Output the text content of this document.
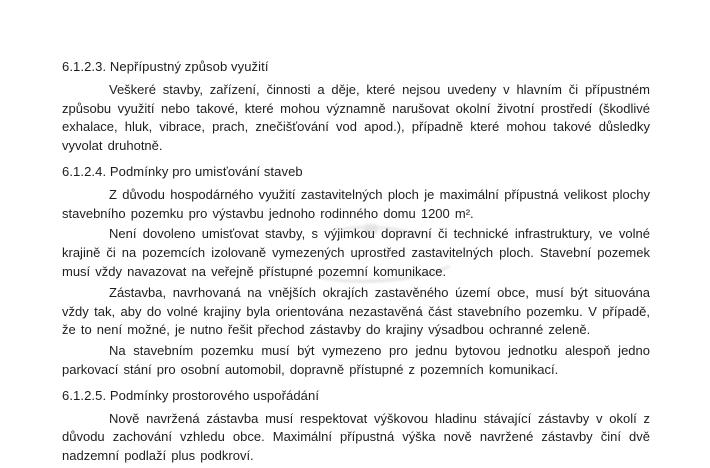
6.1.2.3. Nepřípustný způsob využití

Veškeré stavby, zařízení, činnosti a děje, které nejsou uvedeny v hlavním či přípustném způsobu využití nebo takové, které mohou významně narušovat okolní životní prostředí (škodlivé exhalace, hluk, vibrace, prach, znečišťování vod apod.), případně které mohou takové důsledky vyvolat druhotně.

6.1.2.4. Podmínky pro umisťování staveb

Z důvodu hospodárného využití zastavitelných ploch je maximální přípustná velikost plochy stavebního pozemku pro výstavbu jednoho rodinného domu 1200 m².

Není dovoleno umisťovat stavby, s výjimkou dopravní či technické infrastruktury, ve volné krajině či na pozemcích izolovaně vymezených uprostřed zastavitelných ploch. Stavební pozemek musí vždy navazovat na veřejně přístupné pozemní komunikace.

Zástavba, navrhovaná na vnějších okrajích zastavěného území obce, musí být situována vždy tak, aby do volné krajiny byla orientována nezastavěná část stavebního pozemku. V případě, že to není možné, je nutno řešit přechod zástavby do krajiny výsadbou ochranné zeleně.

Na stavebním pozemku musí být vymezeno pro jednu bytovou jednotku alespoň jedno parkovací stání pro osobní automobil, dopravně přístupné z pozemních komunikací.

6.1.2.5. Podmínky prostorového uspořádání

Nově navržená zástavba musí respektovat výškovou hladinu stávající zástavby v okolí z důvodu zachování vzhledu obce. Maximální přípustná výška nově navržené zástavby činí dvě nadzemní podlaží plus podkroví.
